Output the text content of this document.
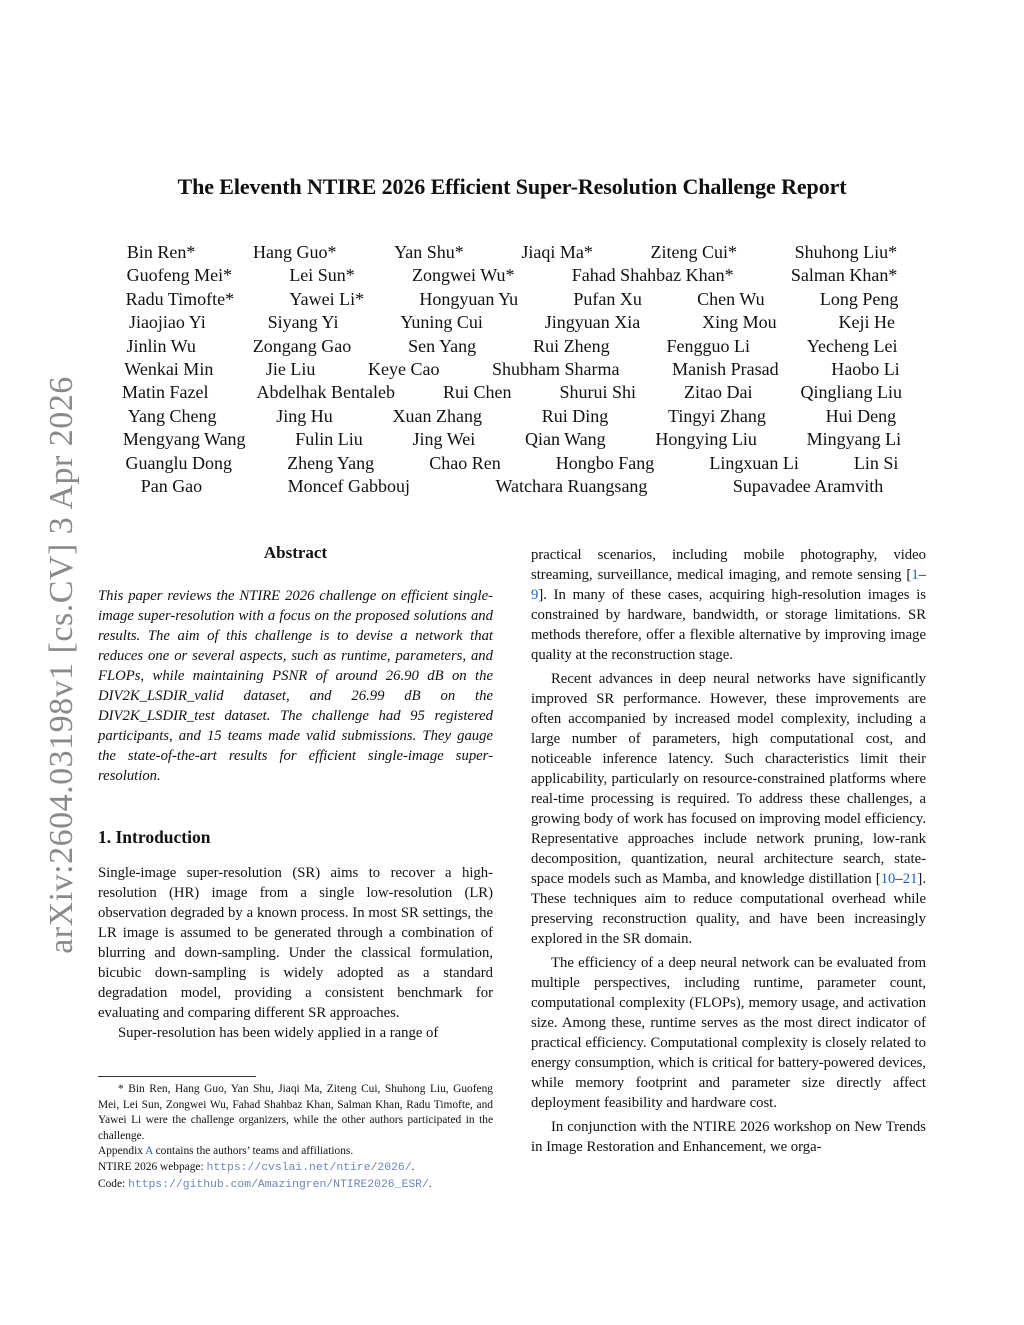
arXiv:2604.03198v1 [cs.CV] 3 Apr 2026
The Eleventh NTIRE 2026 Efficient Super-Resolution Challenge Report
Bin Ren*	Hang Guo*	Yan Shu*	Jiaqi Ma*	Ziteng Cui*	Shuhong Liu*
Guofeng Mei*	Lei Sun*	Zongwei Wu*	Fahad Shahbaz Khan*	Salman Khan*
Radu Timofte*	Yawei Li*	Hongyuan Yu	Pufan Xu	Chen Wu	Long Peng
Jiaojiao Yi	Siyang Yi	Yuning Cui	Jingyuan Xia	Xing Mou	Keji He
Jinlin Wu	Zongang Gao	Sen Yang	Rui Zheng	Fengguo Li	Yecheng Lei
Wenkai Min	Jie Liu	Keye Cao	Shubham Sharma	Manish Prasad	Haobo Li
Matin Fazel	Abdelhak Bentaleb	Rui Chen	Shurui Shi	Zitao Dai	Qingliang Liu
Yang Cheng	Jing Hu	Xuan Zhang	Rui Ding	Tingyi Zhang	Hui Deng
Mengyang Wang	Fulin Liu	Jing Wei	Qian Wang	Hongying Liu	Mingyang Li
Guanglu Dong	Zheng Yang	Chao Ren	Hongbo Fang	Lingxuan Li	Lin Si
Pan Gao	Moncef Gabbouj	Watchara Ruangsang	Supavadee Aramvith
Abstract
This paper reviews the NTIRE 2026 challenge on efficient single-image super-resolution with a focus on the proposed solutions and results. The aim of this challenge is to devise a network that reduces one or several aspects, such as runtime, parameters, and FLOPs, while maintaining PSNR of around 26.90 dB on the DIV2K_LSDIR_valid dataset, and 26.99 dB on the DIV2K_LSDIR_test dataset. The challenge had 95 registered participants, and 15 teams made valid submissions. They gauge the state-of-the-art results for efficient single-image super-resolution.
1. Introduction

Single-image super-resolution (SR) aims to recover a high-resolution (HR) image from a single low-resolution (LR) observation degraded by a known process. In most SR settings, the LR image is assumed to be generated through a combination of blurring and down-sampling. Under the classical formulation, bicubic down-sampling is widely adopted as a standard degradation model, providing a consistent benchmark for evaluating and comparing different SR approaches.

Super-resolution has been widely applied in a range of

practical scenarios, including mobile photography, video streaming, surveillance, medical imaging, and remote sensing [1–9]. In many of these cases, acquiring high-resolution images is constrained by hardware, bandwidth, or storage limitations. SR methods therefore, offer a flexible alternative by improving image quality at the reconstruction stage.

Recent advances in deep neural networks have significantly improved SR performance. However, these improvements are often accompanied by increased model complexity, including a large number of parameters, high computational cost, and noticeable inference latency. Such characteristics limit their applicability, particularly on resource-constrained platforms where real-time processing is required. To address these challenges, a growing body of work has focused on improving model efficiency. Representative approaches include network pruning, low-rank decomposition, quantization, neural architecture search, state-space models such as Mamba, and knowledge distillation [10–21]. These techniques aim to reduce computational overhead while preserving reconstruction quality, and have been increasingly explored in the SR domain.

The efficiency of a deep neural network can be evaluated from multiple perspectives, including runtime, parameter count, computational complexity (FLOPs), memory usage, and activation size. Among these, runtime serves as the most direct indicator of practical efficiency. Computational complexity is closely related to energy consumption, which is critical for battery-powered devices, while memory footprint and parameter size directly affect deployment feasibility and hardware cost.

In conjunction with the NTIRE 2026 workshop on New Trends in Image Restoration and Enhancement, we orga-

* Bin Ren, Hang Guo, Yan Shu, Jiaqi Ma, Ziteng Cui, Shuhong Liu, Guofeng Mei, Lei Sun, Zongwei Wu, Fahad Shahbaz Khan, Salman Khan, Radu Timofte, and Yawei Li were the challenge organizers, while the other authors participated in the challenge.

Appendix A contains the authors’ teams and affiliations.

NTIRE 2026 webpage: https://cvslai.net/ntire/2026/.

Code: https://github.com/Amazingren/NTIRE2026_ESR/.
